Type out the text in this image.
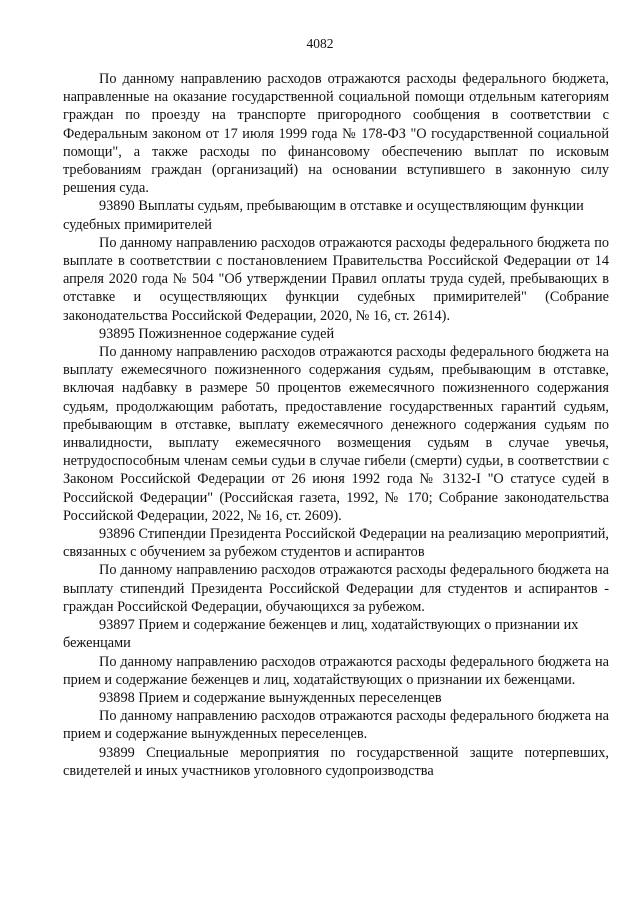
4082

По данному направлению расходов отражаются расходы федерального бюджета, направленные на оказание государственной социальной помощи отдельным категориям граждан по проезду на транспорте пригородного сообщения в соответствии с Федеральным законом от 17 июля 1999 года № 178-ФЗ "О государственной социальной помощи", а также расходы по финансовому обеспечению выплат по исковым требованиям граждан (организаций) на основании вступившего в законную силу решения суда.

93890 Выплаты судьям, пребывающим в отставке и осуществляющим функции судебных примирителей

По данному направлению расходов отражаются расходы федерального бюджета по выплате в соответствии с постановлением Правительства Российской Федерации от 14 апреля 2020 года № 504 "Об утверждении Правил оплаты труда судей, пребывающих в отставке и осуществляющих функции судебных примирителей" (Собрание законодательства Российской Федерации, 2020, № 16, ст. 2614).

93895 Пожизненное содержание судей

По данному направлению расходов отражаются расходы федерального бюджета на выплату ежемесячного пожизненного содержания судьям, пребывающим в отставке, включая надбавку в размере 50 процентов ежемесячного пожизненного содержания судьям, продолжающим работать, предоставление государственных гарантий судьям, пребывающим в отставке, выплату ежемесячного денежного содержания судьям по инвалидности, выплату ежемесячного возмещения судьям в случае увечья, нетрудоспособным членам семьи судьи в случае гибели (смерти) судьи, в соответствии с Законом Российской Федерации от 26 июня 1992 года № 3132-I "О статусе судей в Российской Федерации" (Российская газета, 1992, № 170; Собрание законодательства Российской Федерации, 2022, № 16, ст. 2609).

93896 Стипендии Президента Российской Федерации на реализацию мероприятий, связанных с обучением за рубежом студентов и аспирантов

По данному направлению расходов отражаются расходы федерального бюджета на выплату стипендий Президента Российской Федерации для студентов и аспирантов - граждан Российской Федерации, обучающихся за рубежом.

93897 Прием и содержание беженцев и лиц, ходатайствующих о признании их беженцами

По данному направлению расходов отражаются расходы федерального бюджета на прием и содержание беженцев и лиц, ходатайствующих о признании их беженцами.

93898 Прием и содержание вынужденных переселенцев

По данному направлению расходов отражаются расходы федерального бюджета на прием и содержание вынужденных переселенцев.

93899 Специальные мероприятия по государственной защите потерпевших, свидетелей и иных участников уголовного судопроизводства
